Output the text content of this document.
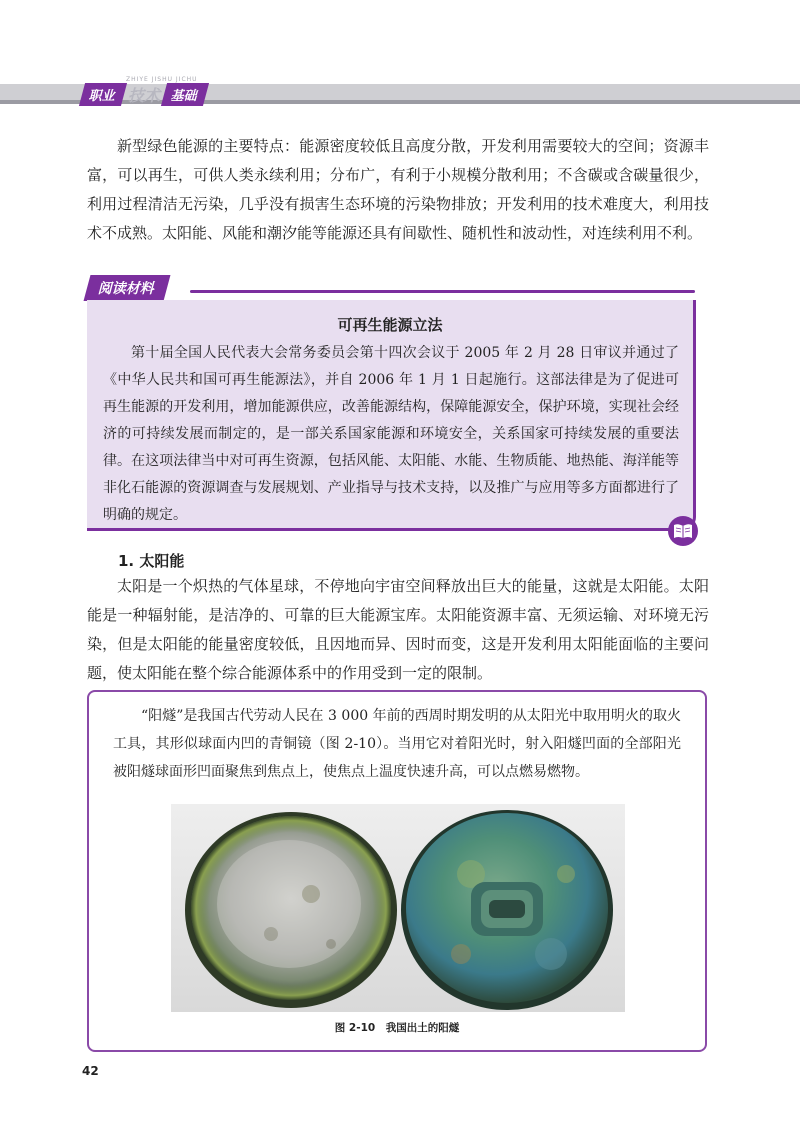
ZHIYE JISHU JICHU
职业 技术 基础
新型绿色能源的主要特点：能源密度较低且高度分散，开发利用需要较大的空间；资源丰富，可以再生，可供人类永续利用；分布广，有利于小规模分散利用；不含碳或含碳量很少，利用过程清洁无污染，几乎没有损害生态环境的污染物排放；开发利用的技术难度大，利用技术不成熟。太阳能、风能和潮汐能等能源还具有间歇性、随机性和波动性，对连续利用不利。
阅读材料
可再生能源立法
第十届全国人民代表大会常务委员会第十四次会议于 2005 年 2 月 28 日审议并通过了《中华人民共和国可再生能源法》，并自 2006 年 1 月 1 日起施行。这部法律是为了促进可再生能源的开发利用，增加能源供应，改善能源结构，保障能源安全，保护环境，实现社会经济的可持续发展而制定的，是一部关系国家能源和环境安全，关系国家可持续发展的重要法律。在这项法律当中对可再生资源，包括风能、太阳能、水能、生物质能、地热能、海洋能等非化石能源的资源调查与发展规划、产业指导与技术支持，以及推广与应用等多方面都进行了明确的规定。
1. 太阳能
太阳是一个炽热的气体星球，不停地向宇宙空间释放出巨大的能量，这就是太阳能。太阳能是一种辐射能，是洁净的、可靠的巨大能源宝库。太阳能资源丰富、无须运输、对环境无污染，但是太阳能的能量密度较低，且因地而异、因时而变，这是开发利用太阳能面临的主要问题，使太阳能在整个综合能源体系中的作用受到一定的限制。
“阳燧”是我国古代劳动人民在 3 000 年前的西周时期发明的从太阳光中取用明火的取火工具，其形似球面内凹的青铜镜（图 2-10）。当用它对着阳光时，射入阳燧凹面的全部阳光被阳燧球面形凹面聚焦到焦点上，使焦点上温度快速升高，可以点燃易燃物。
图 2-10　我国出土的阳燧
42
